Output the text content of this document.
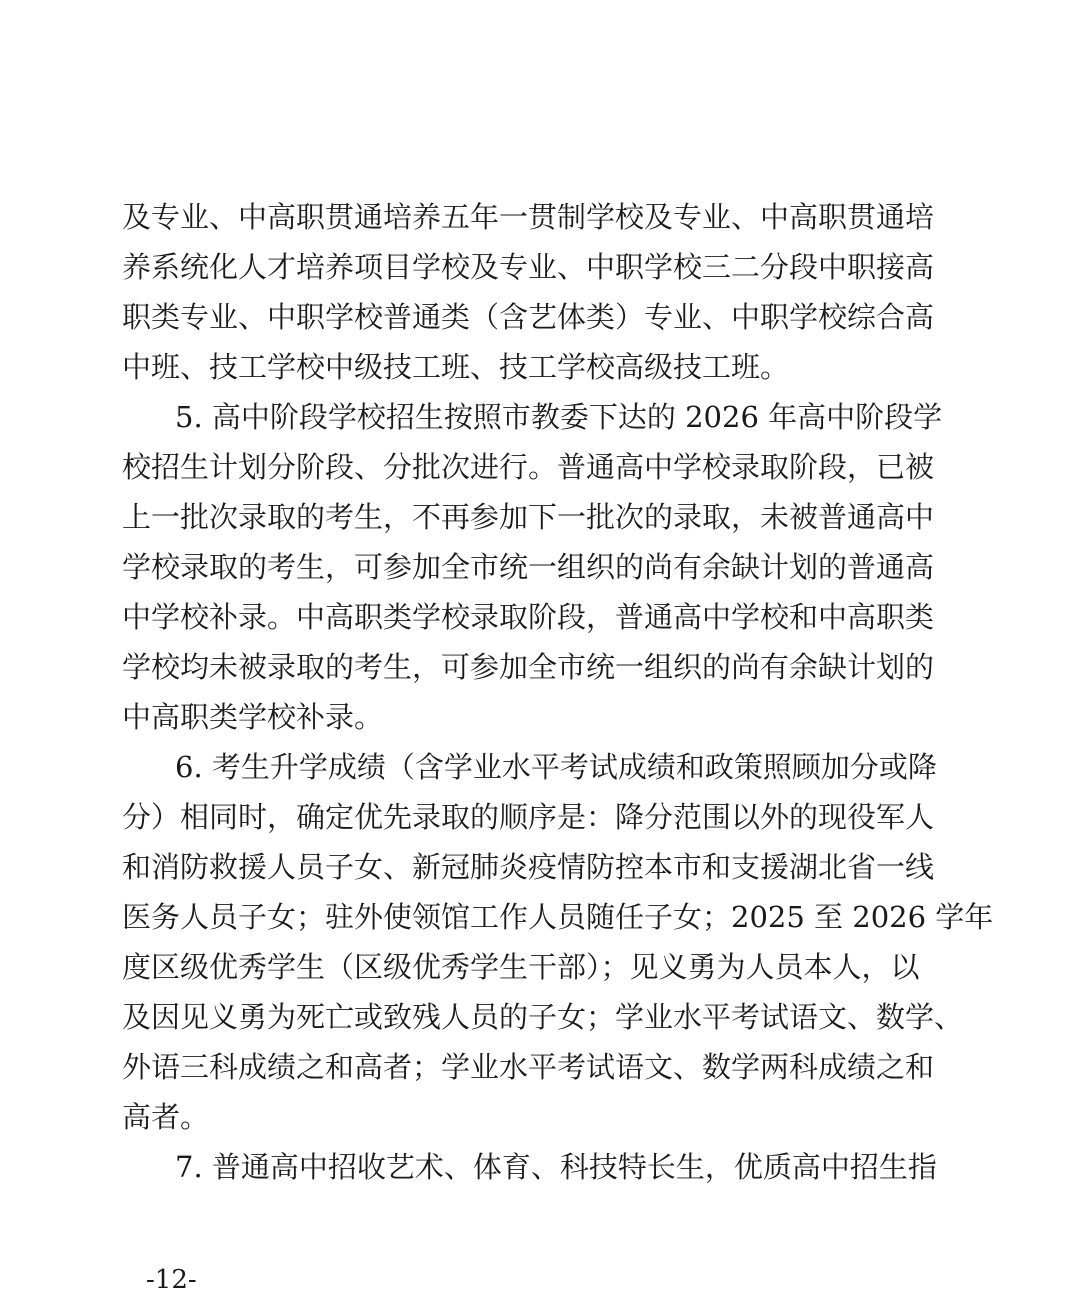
及专业、中高职贯通培养五年一贯制学校及专业、中高职贯通培
养系统化人才培养项目学校及专业、中职学校三二分段中职接高
职类专业、中职学校普通类（含艺体类）专业、中职学校综合高
中班、技工学校中级技工班、技工学校高级技工班。
5. 高中阶段学校招生按照市教委下达的 2026 年高中阶段学
校招生计划分阶段、分批次进行。普通高中学校录取阶段，已被
上一批次录取的考生，不再参加下一批次的录取，未被普通高中
学校录取的考生，可参加全市统一组织的尚有余缺计划的普通高
中学校补录。中高职类学校录取阶段，普通高中学校和中高职类
学校均未被录取的考生，可参加全市统一组织的尚有余缺计划的
中高职类学校补录。
6. 考生升学成绩（含学业水平考试成绩和政策照顾加分或降
分）相同时，确定优先录取的顺序是：降分范围以外的现役军人
和消防救援人员子女、新冠肺炎疫情防控本市和支援湖北省一线
医务人员子女；驻外使领馆工作人员随任子女；2025 至 2026 学年
度区级优秀学生（区级优秀学生干部）；见义勇为人员本人，以
及因见义勇为死亡或致残人员的子女；学业水平考试语文、数学、
外语三科成绩之和高者；学业水平考试语文、数学两科成绩之和
高者。
7. 普通高中招收艺术、体育、科技特长生，优质高中招生指
-12-
